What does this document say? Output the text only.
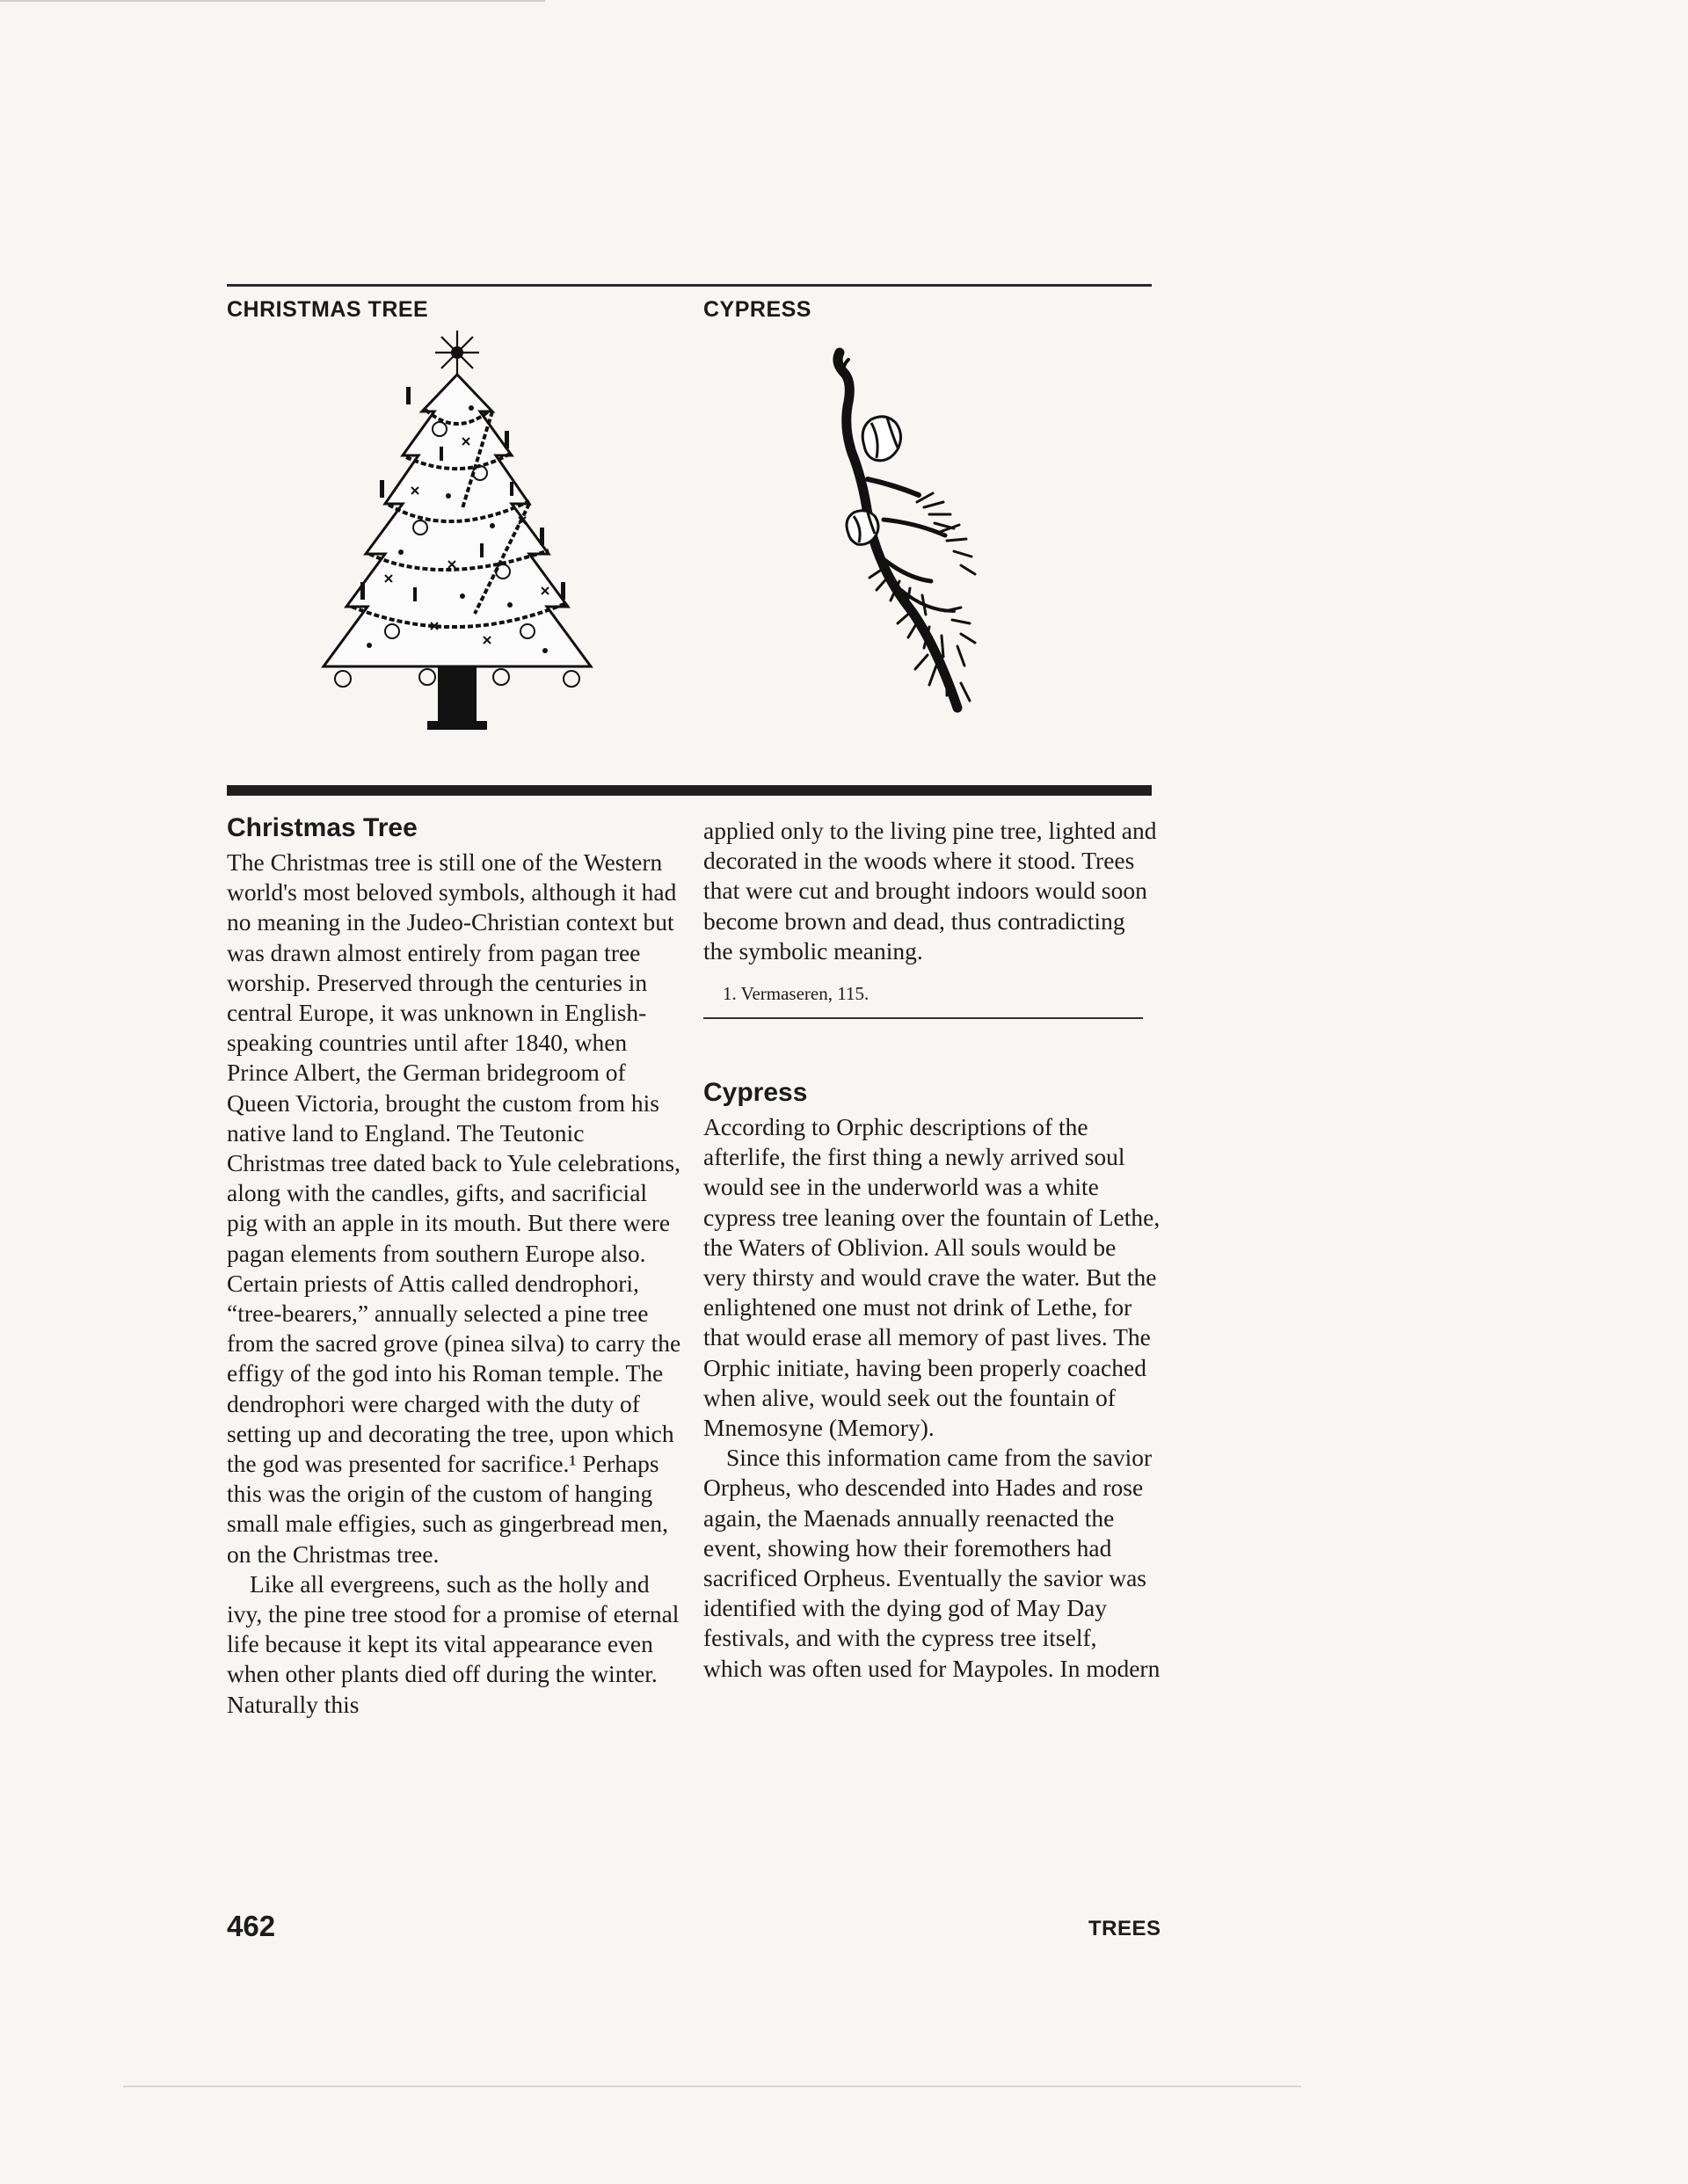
CHRISTMAS TREE	CYPRESS
Christmas Tree

The Christmas tree is still one of the Western world's most beloved symbols, although it had no meaning in the Judeo-Christian context but was drawn almost entirely from pagan tree worship. Preserved through the centuries in central Europe, it was unknown in English-speaking countries until after 1840, when Prince Albert, the German bridegroom of Queen Victoria, brought the custom from his native land to England. The Teutonic Christmas tree dated back to Yule celebrations, along with the candles, gifts, and sacrificial pig with an apple in its mouth. But there were pagan elements from southern Europe also. Certain priests of Attis called dendrophori, “tree-bearers,” annually selected a pine tree from the sacred grove (pinea silva) to carry the effigy of the god into his Roman temple. The dendrophori were charged with the duty of setting up and decorating the tree, upon which the god was presented for sacrifice.¹ Perhaps this was the origin of the custom of hanging small male effigies, such as gingerbread men, on the Christmas tree.

Like all evergreens, such as the holly and ivy, the pine tree stood for a promise of eternal life because it kept its vital appearance even when other plants died off during the winter. Naturally this

applied only to the living pine tree, lighted and decorated in the woods where it stood. Trees that were cut and brought indoors would soon become brown and dead, thus contradicting the symbolic meaning.

1. Vermaseren, 115.

Cypress

According to Orphic descriptions of the afterlife, the first thing a newly arrived soul would see in the underworld was a white cypress tree leaning over the fountain of Lethe, the Waters of Oblivion. All souls would be very thirsty and would crave the water. But the enlightened one must not drink of Lethe, for that would erase all memory of past lives. The Orphic initiate, having been properly coached when alive, would seek out the fountain of Mnemosyne (Memory).

Since this information came from the savior Orpheus, who descended into Hades and rose again, the Maenads annually reenacted the event, showing how their foremothers had sacrificed Orpheus. Eventually the savior was identified with the dying god of May Day festivals, and with the cypress tree itself, which was often used for Maypoles. In modern

462	TREES
